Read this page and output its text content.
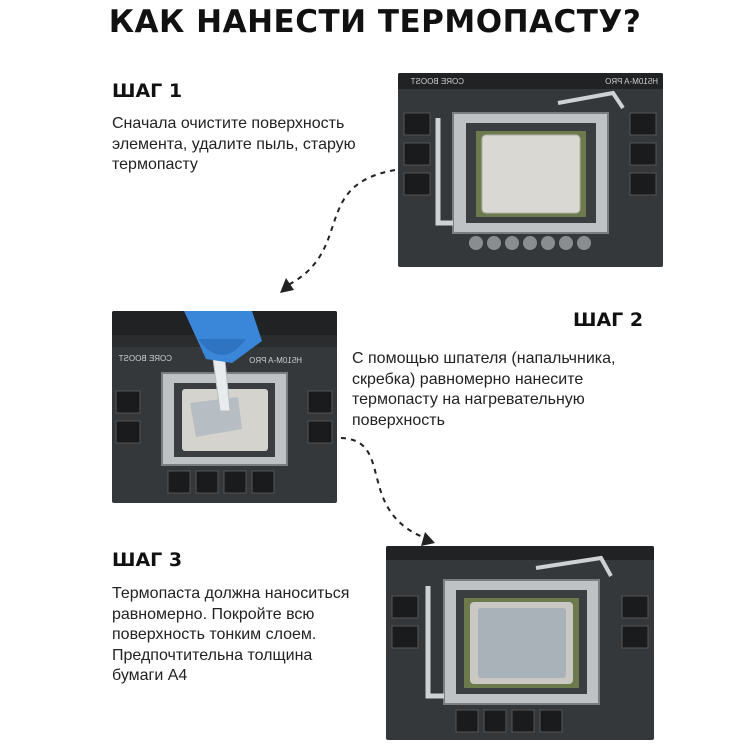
КАК НАНЕСТИ ТЕРМОПАСТУ?
ШАГ 1
Сначала очистите поверхность
элемента, удалите пыль, старую
термопасту
CORE BOOST	H510M-A PRO
CORE BOOST	H510M-A PRO
ШАГ 2
С помощью шпателя (напальчника,
скребка) равномерно нанесите
термопасту на нагревательную
поверхность
ШАГ 3
Термопаста должна наноситься
равномерно. Покройте всю
поверхность тонким слоем.
Предпочтительна толщина
бумаги А4
